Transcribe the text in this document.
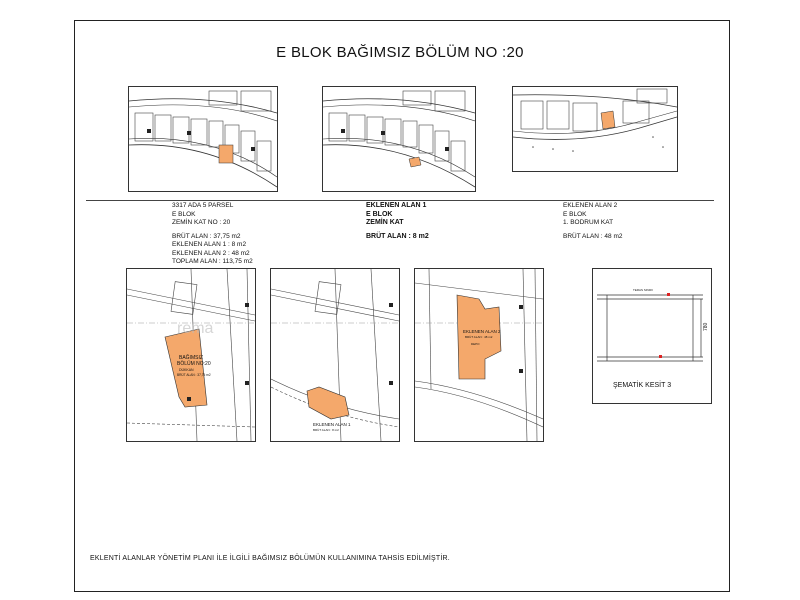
E BLOK BAĞIMSIZ BÖLÜM NO :20
3317 ADA 5 PARSEL
E BLOK
ZEMİN KAT NO : 20
BRÜT ALAN : 37,75 m2
EKLENEN ALAN 1 : 8 m2
EKLENEN ALAN 2 : 48 m2
TOPLAM ALAN : 113,75 m2
EKLENEN ALAN 1
E BLOK
ZEMİN KAT
BRÜT ALAN : 8 m2
EKLENEN ALAN 2
E BLOK
1. BODRUM KAT
BRÜT ALAN : 48 m2
BAĞIMSIZ
BÖLÜM NO:20
DÜKKAN
BRÜT ALAN : 37,75 m2
rema
EKLENEN ALAN 1
BRÜT ALAN : 8 m2
EKLENEN ALAN 2
BRÜT ALAN : 48 m2
DEPO
TERAS SINIRI
780
ŞEMATİK KESİT 3
EKLENTİ ALANLAR YÖNETİM PLANI İLE İLGİLİ BAĞIMSIZ BÖLÜMÜN KULLANIMINA TAHSİS EDİLMİŞTİR.
